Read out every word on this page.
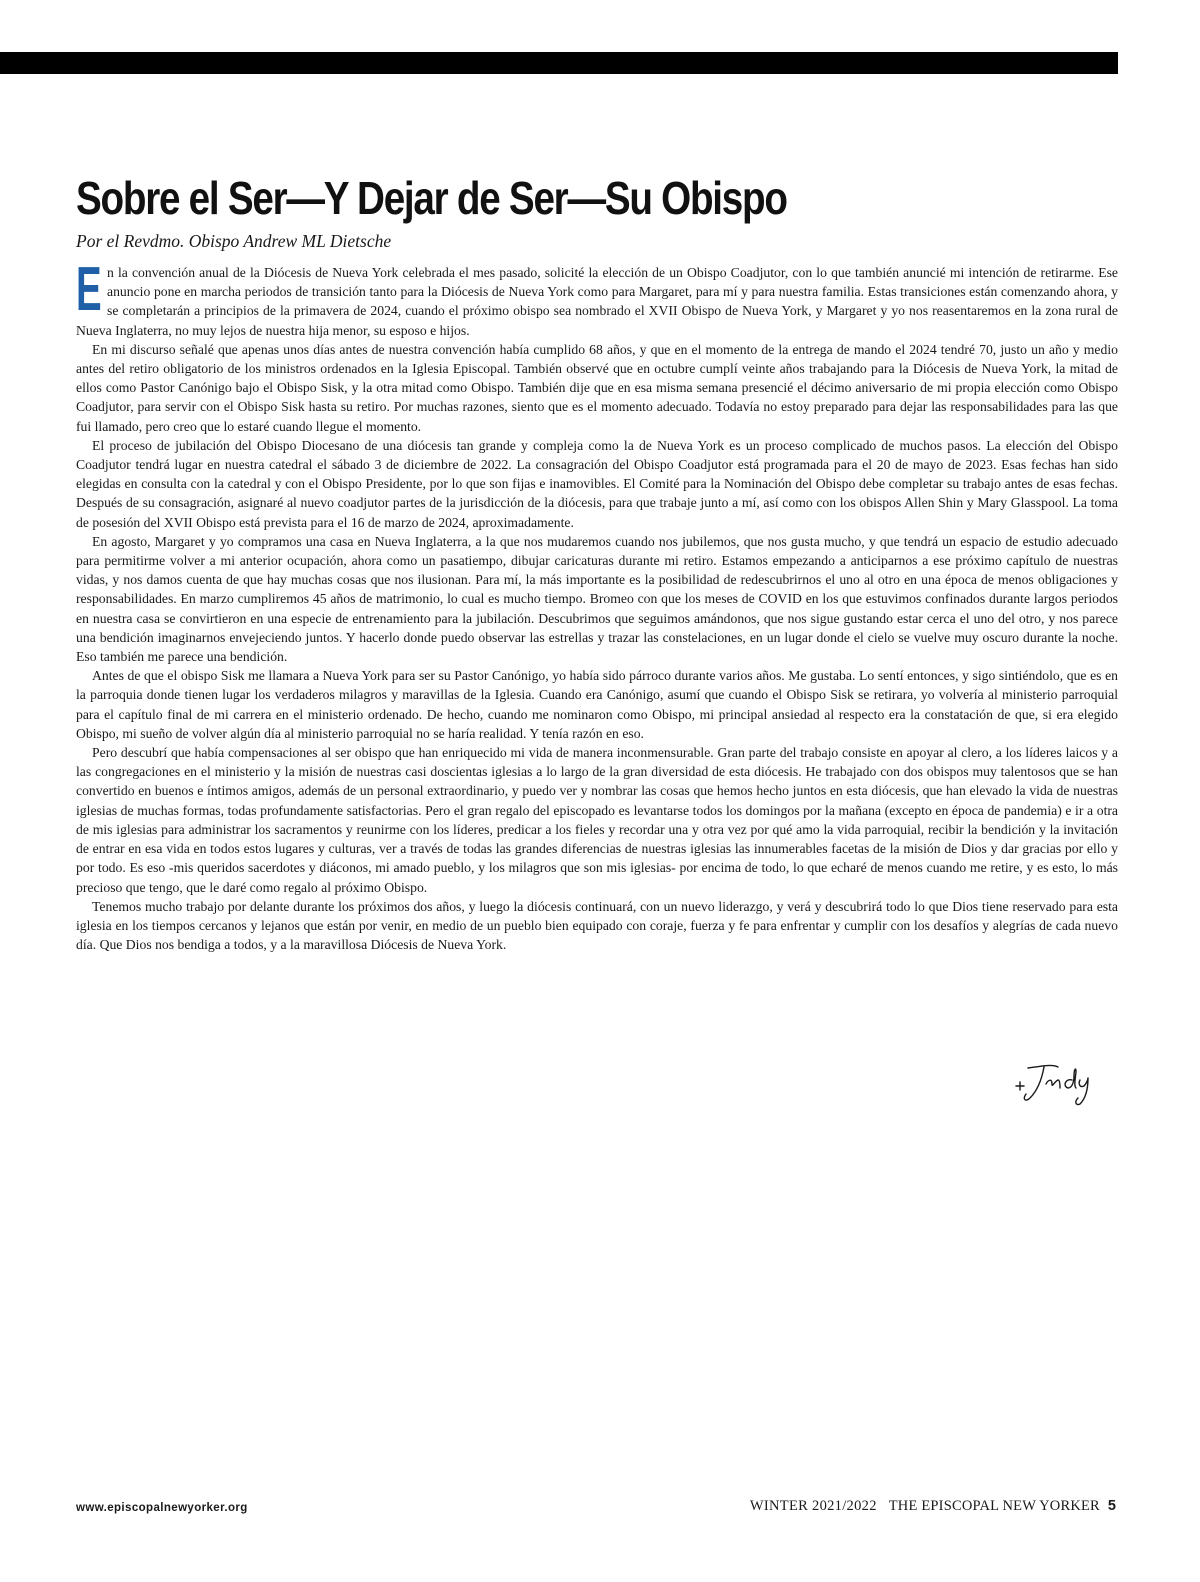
Sobre el Ser—Y Dejar de Ser—Su Obispo

Por el Revdmo. Obispo Andrew ML Dietsche

En la convención anual de la Diócesis de Nueva York celebrada el mes pasado, solicité la elección de un Obispo Coadjutor, con lo que también anuncié mi intención de retirarme. Ese anuncio pone en marcha periodos de transición tanto para la Diócesis de Nueva York como para Margaret, para mí y para nuestra familia. Estas transiciones están comenzando ahora, y se completarán a principios de la primavera de 2024, cuando el próximo obispo sea nombrado el XVII Obispo de Nueva York, y Margaret y yo nos reasentaremos en la zona rural de Nueva Inglaterra, no muy lejos de nuestra hija menor, su esposo e hijos.

En mi discurso señalé que apenas unos días antes de nuestra convención había cumplido 68 años, y que en el momento de la entrega de mando el 2024 tendré 70, justo un año y medio antes del retiro obligatorio de los ministros ordenados en la Iglesia Episcopal. También observé que en octubre cumplí veinte años trabajando para la Diócesis de Nueva York, la mitad de ellos como Pastor Canónigo bajo el Obispo Sisk, y la otra mitad como Obispo. También dije que en esa misma semana presencié el décimo aniversario de mi propia elección como Obispo Coadjutor, para servir con el Obispo Sisk hasta su retiro. Por muchas razones, siento que es el momento adecuado. Todavía no estoy preparado para dejar las responsabilidades para las que fui llamado, pero creo que lo estaré cuando llegue el momento.

El proceso de jubilación del Obispo Diocesano de una diócesis tan grande y compleja como la de Nueva York es un proceso complicado de muchos pasos. La elección del Obispo Coadjutor tendrá lugar en nuestra catedral el sábado 3 de diciembre de 2022. La consagración del Obispo Coadjutor está programada para el 20 de mayo de 2023. Esas fechas han sido elegidas en consulta con la catedral y con el Obispo Presidente, por lo que son fijas e inamovibles. El Comité para la Nominación del Obispo debe completar su trabajo antes de esas fechas. Después de su consagración, asignaré al nuevo coadjutor partes de la jurisdicción de la diócesis, para que trabaje junto a mí, así como con los obispos Allen Shin y Mary Glasspool. La toma de posesión del XVII Obispo está prevista para el 16 de marzo de 2024, aproximadamente.

En agosto, Margaret y yo compramos una casa en Nueva Inglaterra, a la que nos mudaremos cuando nos jubilemos, que nos gusta mucho, y que tendrá un espacio de estudio adecuado para permitirme volver a mi anterior ocupación, ahora como un pasatiempo, dibujar caricaturas durante mi retiro. Estamos empezando a anticiparnos a ese próximo capítulo de nuestras vidas, y nos damos cuenta de que hay muchas cosas que nos ilusionan. Para mí, la más importante es la posibilidad de redescubrirnos el uno al otro en una época de menos obligaciones y responsabilidades. En marzo cumpliremos 45 años de matrimonio, lo cual es mucho tiempo. Bromeo con que los meses de COVID en los que estuvimos confinados durante largos periodos en nuestra casa se convirtieron en una especie de entrenamiento para la jubilación. Descubrimos que seguimos amándonos, que nos sigue gustando estar cerca el uno del otro, y nos parece una bendición imaginarnos envejeciendo juntos. Y hacerlo donde puedo observar las estrellas y trazar las constelaciones, en un lugar donde el cielo se vuelve muy oscuro durante la noche. Eso también me parece una bendición.

Antes de que el obispo Sisk me llamara a Nueva York para ser su Pastor Canónigo, yo había sido párroco durante varios años. Me gustaba. Lo sentí entonces, y sigo sintiéndolo, que es en la parroquia donde tienen lugar los verdaderos milagros y maravillas de la Iglesia. Cuando era Canónigo, asumí que cuando el Obispo Sisk se retirara, yo volvería al ministerio parroquial para el capítulo final de mi carrera en el ministerio ordenado. De hecho, cuando me nominaron como Obispo, mi principal ansiedad al respecto era la constatación de que, si era elegido Obispo, mi sueño de volver algún día al ministerio parroquial no se haría realidad. Y tenía razón en eso.

Pero descubrí que había compensaciones al ser obispo que han enriquecido mi vida de manera inconmensurable. Gran parte del trabajo consiste en apoyar al clero, a los líderes laicos y a las congregaciones en el ministerio y la misión de nuestras casi doscientas iglesias a lo largo de la gran diversidad de esta diócesis. He trabajado con dos obispos muy talentosos que se han convertido en buenos e íntimos amigos, además de un personal extraordinario, y puedo ver y nombrar las cosas que hemos hecho juntos en esta diócesis, que han elevado la vida de nuestras iglesias de muchas formas, todas profundamente satisfactorias. Pero el gran regalo del episcopado es levantarse todos los domingos por la mañana (excepto en época de pandemia) e ir a otra de mis iglesias para administrar los sacramentos y reunirme con los líderes, predicar a los fieles y recordar una y otra vez por qué amo la vida parroquial, recibir la bendición y la invitación de entrar en esa vida en todos estos lugares y culturas, ver a través de todas las grandes diferencias de nuestras iglesias las innumerables facetas de la misión de Dios y dar gracias por ello y por todo. Es eso -mis queridos sacerdotes y diáconos, mi amado pueblo, y los milagros que son mis iglesias- por encima de todo, lo que echaré de menos cuando me retire, y es esto, lo más precioso que tengo, que le daré como regalo al próximo Obispo.

Tenemos mucho trabajo por delante durante los próximos dos años, y luego la diócesis continuará, con un nuevo liderazgo, y verá y descubrirá todo lo que Dios tiene reservado para esta iglesia en los tiempos cercanos y lejanos que están por venir, en medio de un pueblo bien equipado con coraje, fuerza y fe para enfrentar y cumplir con los desafíos y alegrías de cada nuevo día. Que Dios nos bendiga a todos, y a la maravillosa Diócesis de Nueva York.

www.episcopalnewyorker.org	WINTER 2021/2022 THE EPISCOPAL NEW YORKER 5
